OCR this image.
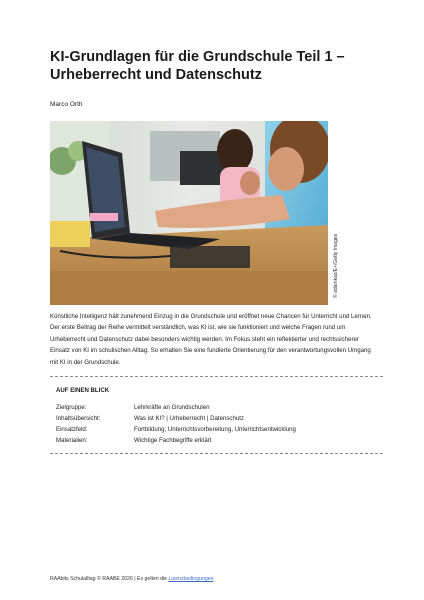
KI-Grundlagen für die Grundschule Teil 1 –
Urheberrecht und Datenschutz
Marco Orth
© adamkaz/E+/Getty Images
Künstliche Intelligenz hält zunehmend Einzug in die Grundschule und eröffnet neue Chancen für Unterricht und Lernen. Der erste Beitrag der Reihe vermittelt verständlich, was KI ist, wie sie funktioniert und welche Fragen rund um Urheberrecht und Datenschutz dabei besonders wichtig werden. Im Fokus steht ein reflektierter und rechtssicherer Einsatz von KI im schulischen Alltag. So erhalten Sie eine fundierte Orientierung für den verantwortungsvollen Umgang mit KI in der Grundschule.
AUF EINEN BLICK
Zielgruppe:	Lehrkräfte an Grundschulen
Inhaltsübersicht:	Was ist KI? | Urheberrecht | Datenschutz
Einsatzfeld:	Fortbildung, Unterrichtsvorbereitung, Unterrichtsentwicklung
Materialien:	Wichtige Fachbegriffe erklärt
RAAbits Schulalltag © RAABE 2026 | Es gelten die Lizenzbedingungen
